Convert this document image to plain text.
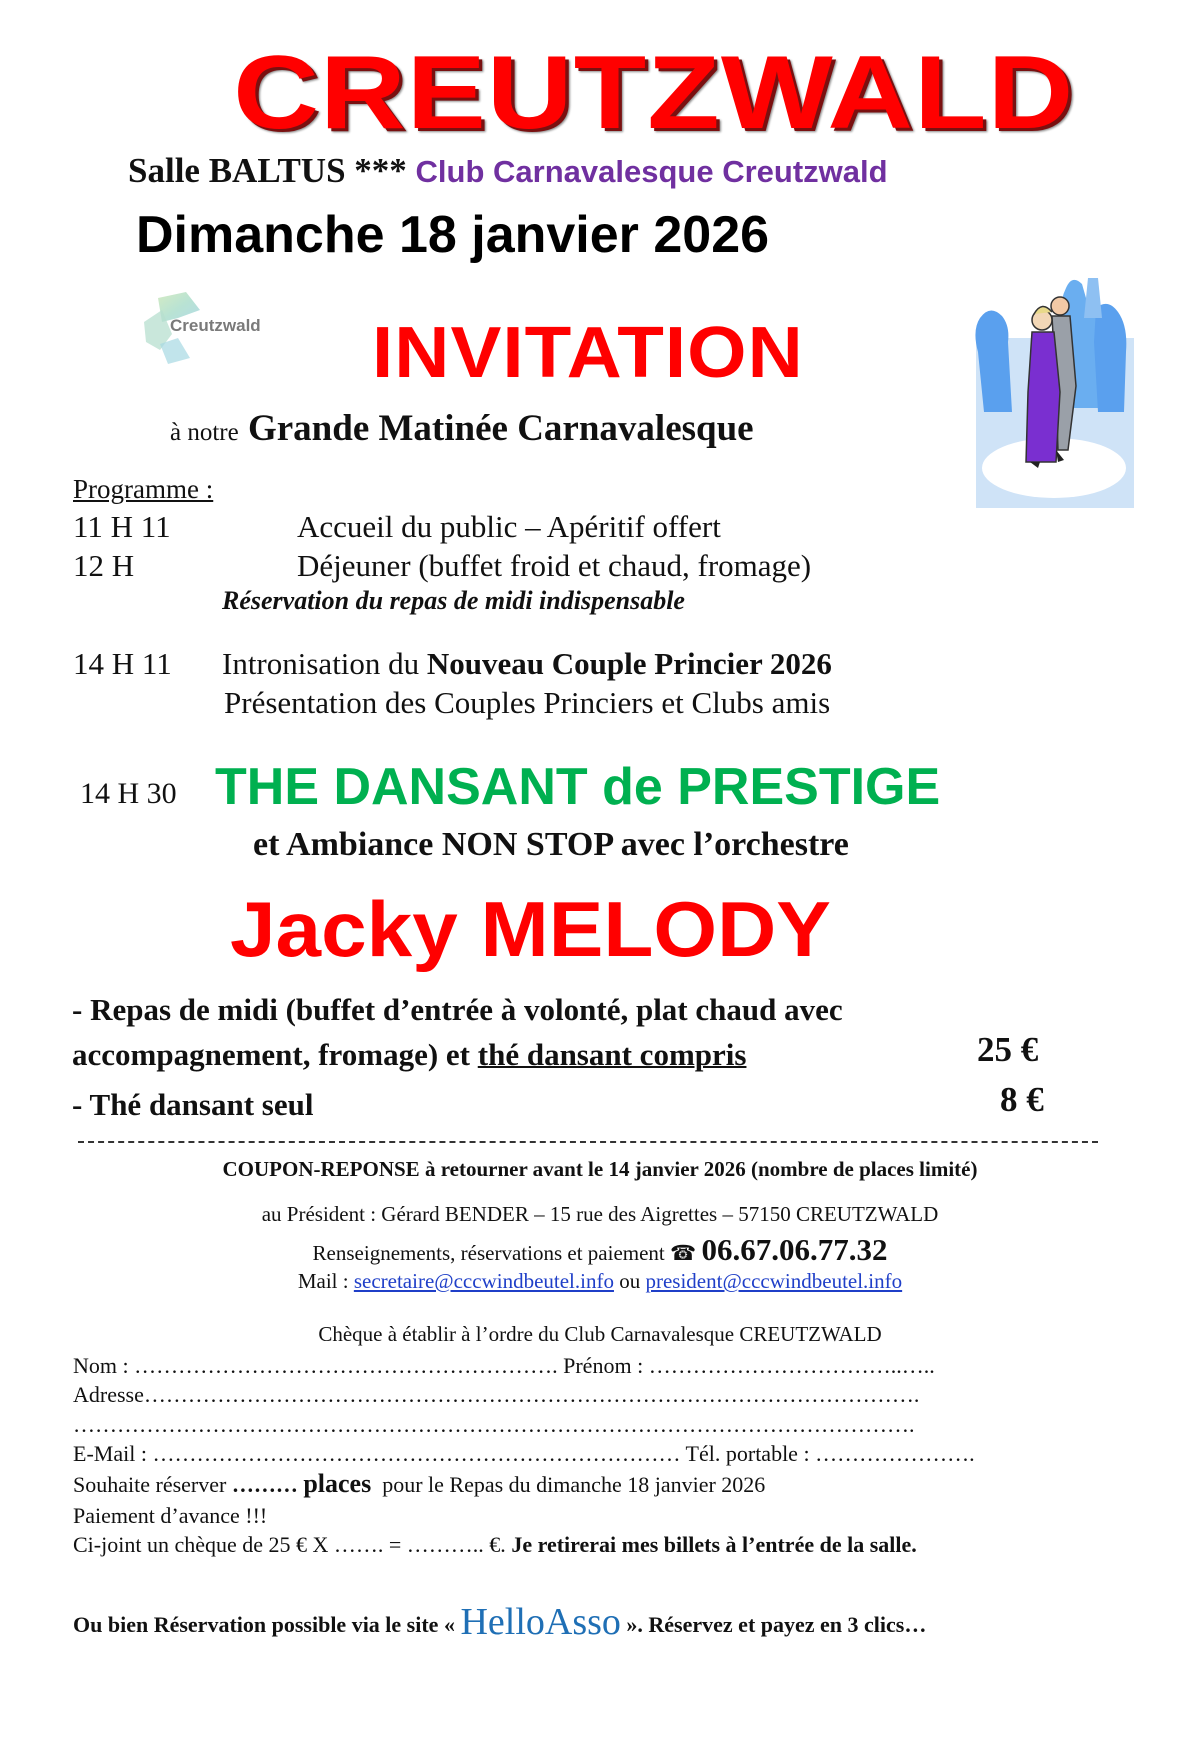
CREUTZWALD
Salle BALTUS *** Club Carnavalesque Creutzwald
Dimanche 18 janvier 2026
Creutzwald INVITATION
à notre Grande Matinée Carnavalesque
Programme :
11 H 11	Accueil du public – Apéritif offert
12 H	Déjeuner (buffet froid et chaud, fromage)
Réservation du repas de midi indispensable
14 H 11 Intronisation du Nouveau Couple Princier 2026
Présentation des Couples Princiers et Clubs amis
14 H 30 THE DANSANT de PRESTIGE
et Ambiance NON STOP avec l’orchestre
Jacky MELODY
- Repas de midi (buffet d’entrée à volonté, plat chaud avec
accompagnement, fromage) et thé dansant compris	25 €
- Thé dansant seul	8 €
COUPON-REPONSE à retourner avant le 14 janvier 2026 (nombre de places limité)
au Président : Gérard BENDER – 15 rue des Aigrettes – 57150 CREUTZWALD
Renseignements, réservations et paiement ☎ 06.67.06.77.32
Mail : secretaire@cccwindbeutel.info ou president@cccwindbeutel.info
Chèque à établir à l’ordre du Club Carnavalesque CREUTZWALD
Nom : …………………………………………………. Prénom : ……………………………..…..
Adresse…………………………………………………………………………………………….
…………………………………………………………………………………………………….
E-Mail : ……………………………………………………………… Tél. portable : ………………….
Souhaite réserver ……… places pour le Repas du dimanche 18 janvier 2026
Paiement d’avance !!!
Ci-joint un chèque de 25 € X ……. = ……….. €. Je retirerai mes billets à l’entrée de la salle.
Ou bien Réservation possible via le site « HelloAsso ». Réservez et payez en 3 clics…
